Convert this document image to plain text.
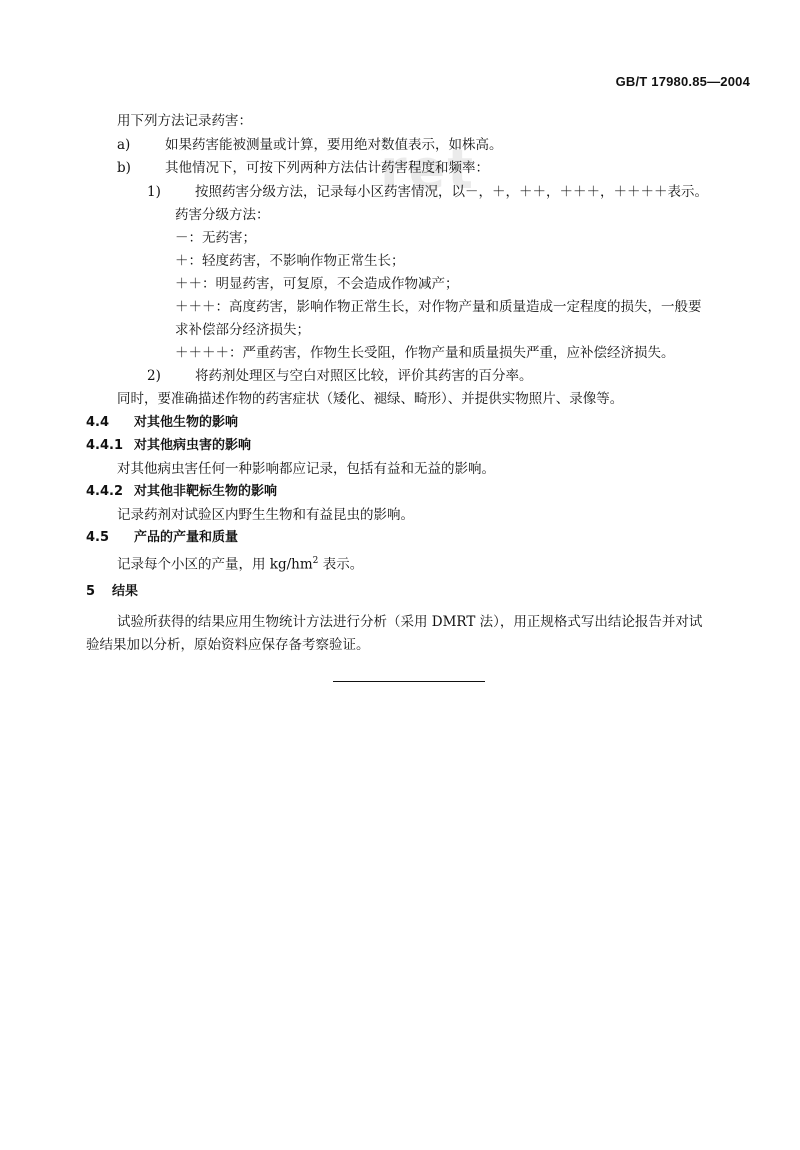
ret
GB/T 17980.85—2004
用下列方法记录药害：
a)	如果药害能被测量或计算，要用绝对数值表示，如株高。
b)	其他情况下，可按下列两种方法估计药害程度和频率：
1)	按照药害分级方法，记录每小区药害情况，以－，＋，＋＋，＋＋＋，＋＋＋＋表示。
药害分级方法：
－：无药害；
＋：轻度药害，不影响作物正常生长；
＋＋：明显药害，可复原，不会造成作物减产；
＋＋＋：高度药害，影响作物正常生长，对作物产量和质量造成一定程度的损失，一般要
求补偿部分经济损失；
＋＋＋＋：严重药害，作物生长受阻，作物产量和质量损失严重，应补偿经济损失。
2)	将药剂处理区与空白对照区比较，评价其药害的百分率。
同时，要准确描述作物的药害症状（矮化、褪绿、畸形）、并提供实物照片、录像等。
4.4 对其他生物的影响
4.4.1 对其他病虫害的影响
对其他病虫害任何一种影响都应记录，包括有益和无益的影响。
4.4.2 对其他非靶标生物的影响
记录药剂对试验区内野生生物和有益昆虫的影响。
4.5 产品的产量和质量
记录每个小区的产量，用 $kg/hm^2$ 表示。
5 结果
试验所获得的结果应用生物统计方法进行分析（采用 DMRT 法），用正规格式写出结论报告并对试
验结果加以分析，原始资料应保存备考察验证。
